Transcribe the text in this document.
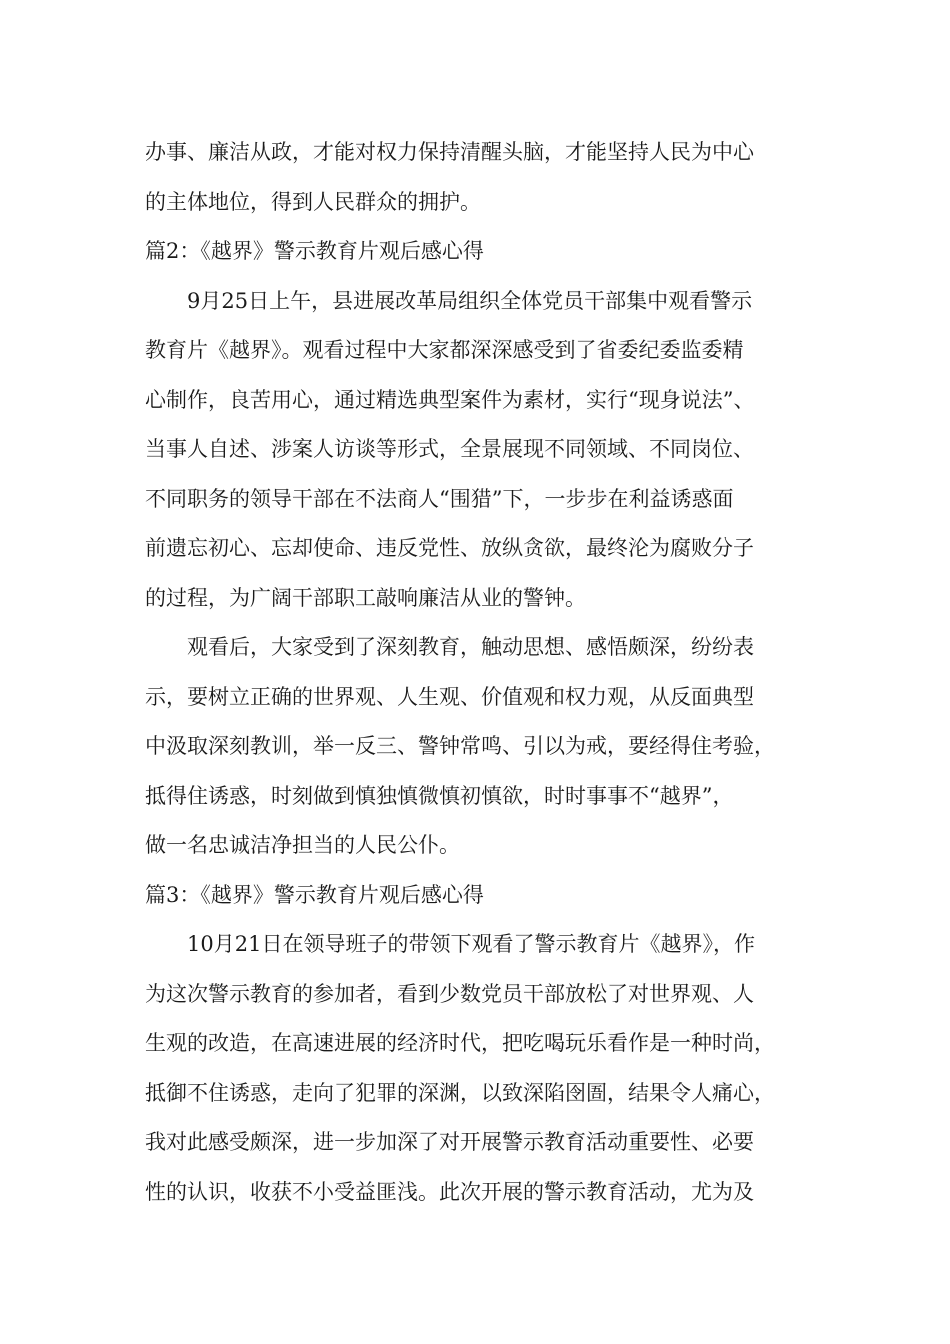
办事、廉洁从政，才能对权力保持清醒头脑，才能坚持人民为中心
的主体地位，得到人民群众的拥护。
篇2：《越界》警示教育片观后感心得
9月25日上午，县进展改革局组织全体党员干部集中观看警示
教育片《越界》。观看过程中大家都深深感受到了省委纪委监委精
心制作，良苦用心，通过精选典型案件为素材，实行“现身说法”、
当事人自述、涉案人访谈等形式，全景展现不同领域、不同岗位、
不同职务的领导干部在不法商人“围猎”下，一步步在利益诱惑面
前遗忘初心、忘却使命、违反党性、放纵贪欲，最终沦为腐败分子
的过程，为广阔干部职工敲响廉洁从业的警钟。
观看后，大家受到了深刻教育，触动思想、感悟颇深，纷纷表
示，要树立正确的世界观、人生观、价值观和权力观，从反面典型
中汲取深刻教训，举一反三、警钟常鸣、引以为戒，要经得住考验，
抵得住诱惑，时刻做到慎独慎微慎初慎欲，时时事事不“越界”，
做一名忠诚洁净担当的人民公仆。
篇3：《越界》警示教育片观后感心得
10月21日在领导班子的带领下观看了警示教育片《越界》，作
为这次警示教育的参加者，看到少数党员干部放松了对世界观、人
生观的改造，在高速进展的经济时代，把吃喝玩乐看作是一种时尚，
抵御不住诱惑，走向了犯罪的深渊，以致深陷囹圄，结果令人痛心，
我对此感受颇深，进一步加深了对开展警示教育活动重要性、必要
性的认识，收获不小受益匪浅。此次开展的警示教育活动，尤为及
